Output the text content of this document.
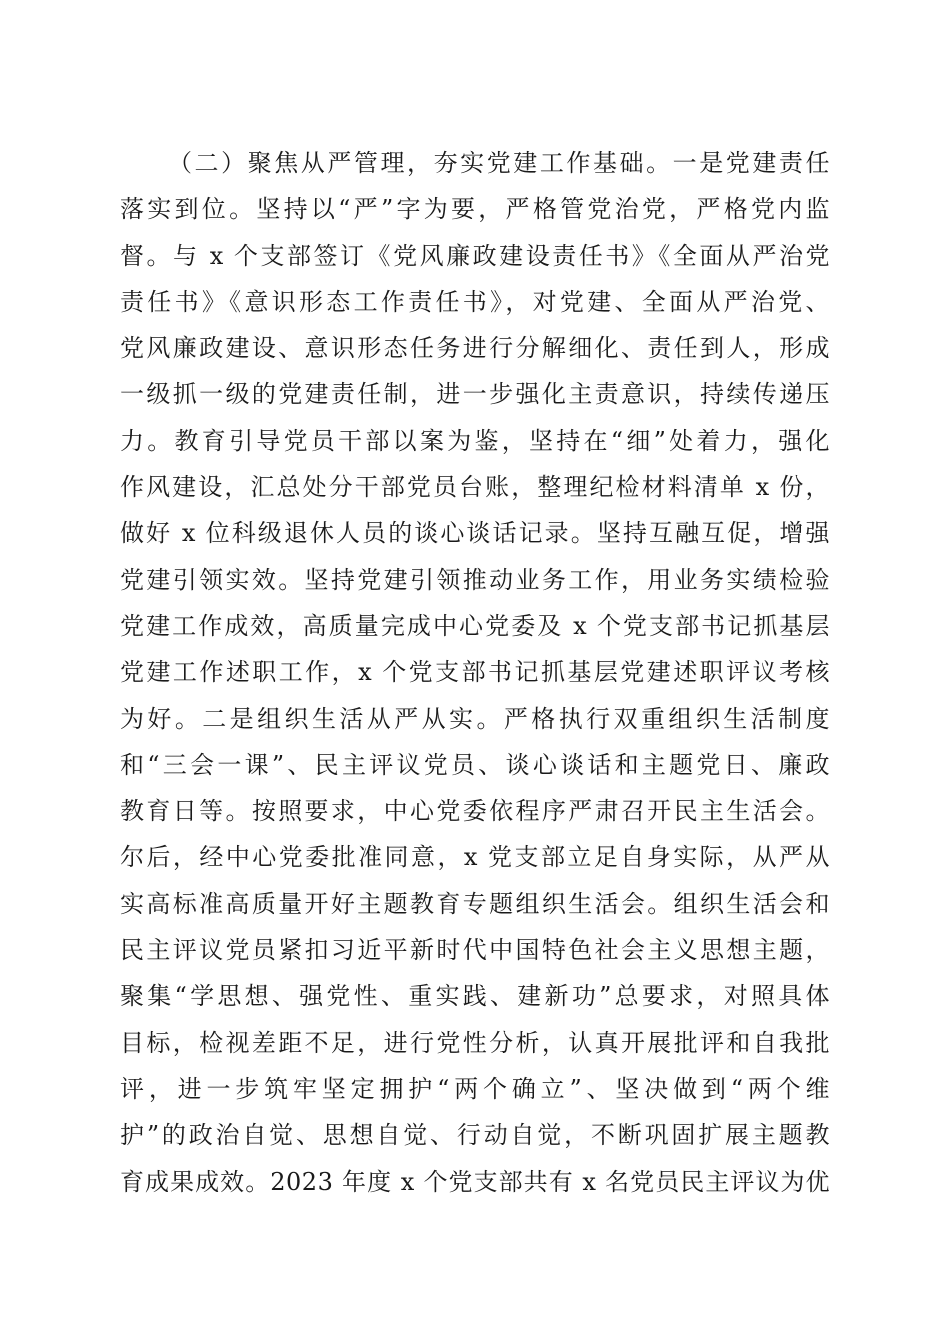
（二）聚焦从严管理，夯实党建工作基础。一是党建责任
落实到位。坚持以“严”字为要，严格管党治党，严格党内监
督。与 x 个支部签订《党风廉政建设责任书》《全面从严治党
责任书》《意识形态工作责任书》，对党建、全面从严治党、
党风廉政建设、意识形态任务进行分解细化、责任到人，形成
一级抓一级的党建责任制，进一步强化主责意识，持续传递压
力。教育引导党员干部以案为鉴，坚持在“细”处着力，强化
作风建设，汇总处分干部党员台账，整理纪检材料清单 x 份，
做好 x 位科级退休人员的谈心谈话记录。坚持互融互促，增强
党建引领实效。坚持党建引领推动业务工作，用业务实绩检验
党建工作成效，高质量完成中心党委及 x 个党支部书记抓基层
党建工作述职工作，x 个党支部书记抓基层党建述职评议考核
为好。二是组织生活从严从实。严格执行双重组织生活制度
和“三会一课”、民主评议党员、谈心谈话和主题党日、廉政
教育日等。按照要求，中心党委依程序严肃召开民主生活会。
尔后，经中心党委批准同意，x 党支部立足自身实际，从严从
实高标准高质量开好主题教育专题组织生活会。组织生活会和
民主评议党员紧扣习近平新时代中国特色社会主义思想主题，
聚集“学思想、强党性、重实践、建新功”总要求，对照具体
目标，检视差距不足，进行党性分析，认真开展批评和自我批
评，进一步筑牢坚定拥护“两个确立”、坚决做到“两个维
护”的政治自觉、思想自觉、行动自觉，不断巩固扩展主题教
育成果成效。2023 年度 x 个党支部共有 x 名党员民主评议为优
